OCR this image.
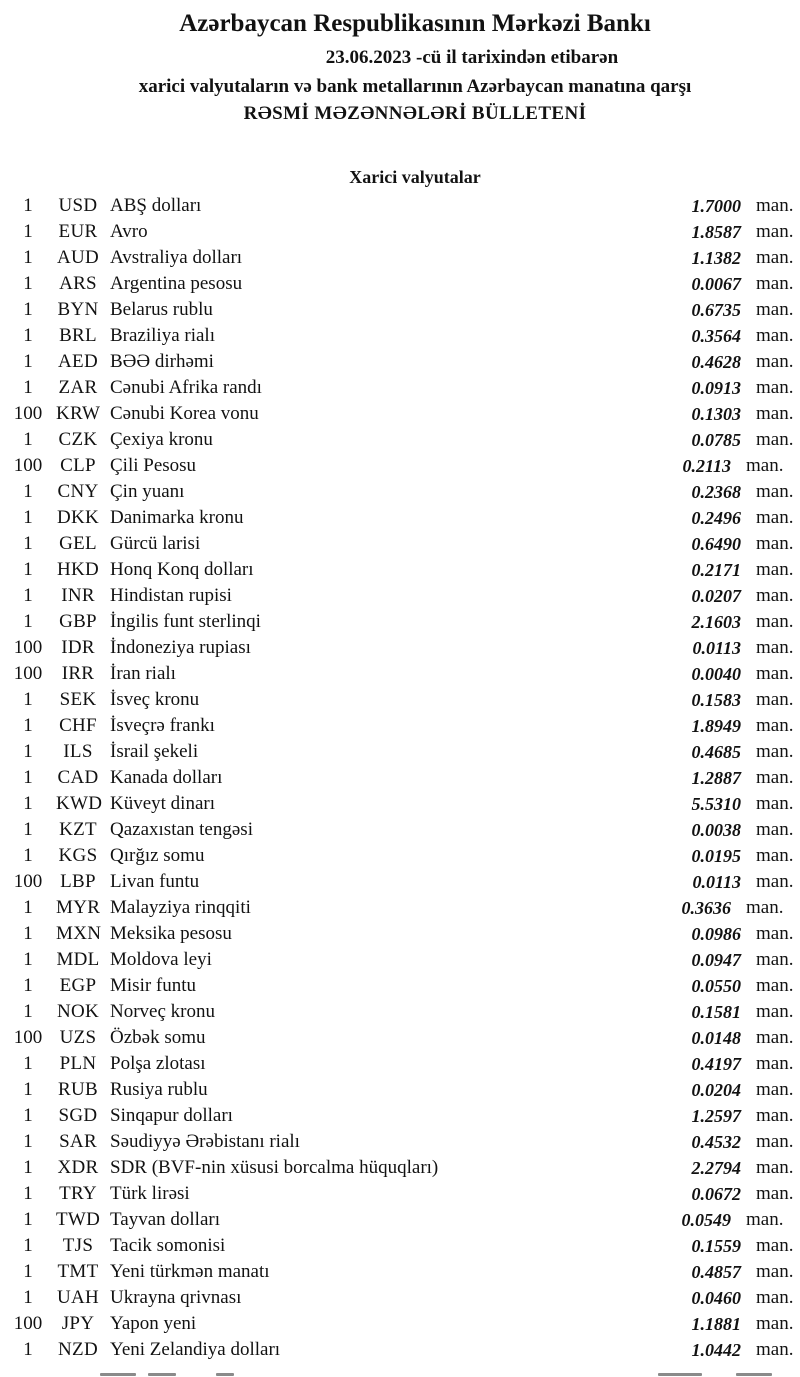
Azərbaycan Respublikasının Mərkəzi Bankı
23.06.2023 -cü il tarixindən etibarən
xarici valyutaların və bank metallarının Azərbaycan manatına qarşı
RƏSMİ MƏZƏNNƏLƏRİ BÜLLETENİ
Xarici valyutalar
1	USD ABŞ dolları	1.7000 man.
1	EUR Avro	1.8587 man.
1	AUD Avstraliya dolları	1.1382 man.
1	ARS Argentina pesosu	0.0067 man.
1	BYN Belarus rublu	0.6735 man.
1	BRL Braziliya rialı	0.3564 man.
1	AED BƏƏ dirhəmi	0.4628 man.
1	ZAR Cənubi Afrika randı	0.0913 man.
100 KRW Cənubi Korea vonu	0.1303 man.
1	CZK Çexiya kronu	0.0785 man.
100 CLP Çili Pesosu	0.2113 man.
1	CNY Çin yuanı	0.2368 man.
1	DKK Danimarka kronu	0.2496 man.
1	GEL Gürcü larisi	0.6490 man.
1	HKD Honq Konq dolları	0.2171 man.
1	INR Hindistan rupisi	0.0207 man.
1	GBP İngilis funt sterlinqi	2.1603 man.
100 IDR İndoneziya rupiası	0.0113 man.
100	IRR İran rialı	0.0040 man.
1	SEK İsveç kronu	0.1583 man.
1	CHF İsveçrə frankı	1.8949 man.
1	ILS İsrail şekeli	0.4685 man.
1	CAD Kanada dolları	1.2887 man.
1	KWD Küveyt dinarı	5.5310 man.
1	KZT Qazaxıstan tengəsi	0.0038 man.
1	KGS Qırğız somu	0.0195 man.
100 LBP Livan funtu	0.0113 man.
1	MYR Malayziya rinqqiti	0.3636 man.
1	MXN Meksika pesosu	0.0986 man.
1	MDL Moldova leyi	0.0947 man.
1	EGP Misir funtu	0.0550 man.
1	NOK Norveç kronu	0.1581 man.
100 UZS Özbək somu	0.0148 man.
1	PLN Polşa zlotası	0.4197 man.
1	RUB Rusiya rublu	0.0204 man.
1	SGD Sinqapur dolları	1.2597 man.
1	SAR Səudiyyə Ərəbistanı rialı	0.4532 man.
1	XDR SDR (BVF-nin xüsusi borcalma hüquqları)	2.2794 man.
1	TRY Türk lirəsi	0.0672 man.
1	TWD Tayvan dolları	0.0549 man.
1	TJS Tacik somonisi	0.1559 man.
1	TMT Yeni türkmən manatı	0.4857 man.
1	UAH Ukrayna qrivnası	0.0460 man.
100	JPY Yapon yeni	1.1881 man.
1	NZD Yeni Zelandiya dolları	1.0442 man.
